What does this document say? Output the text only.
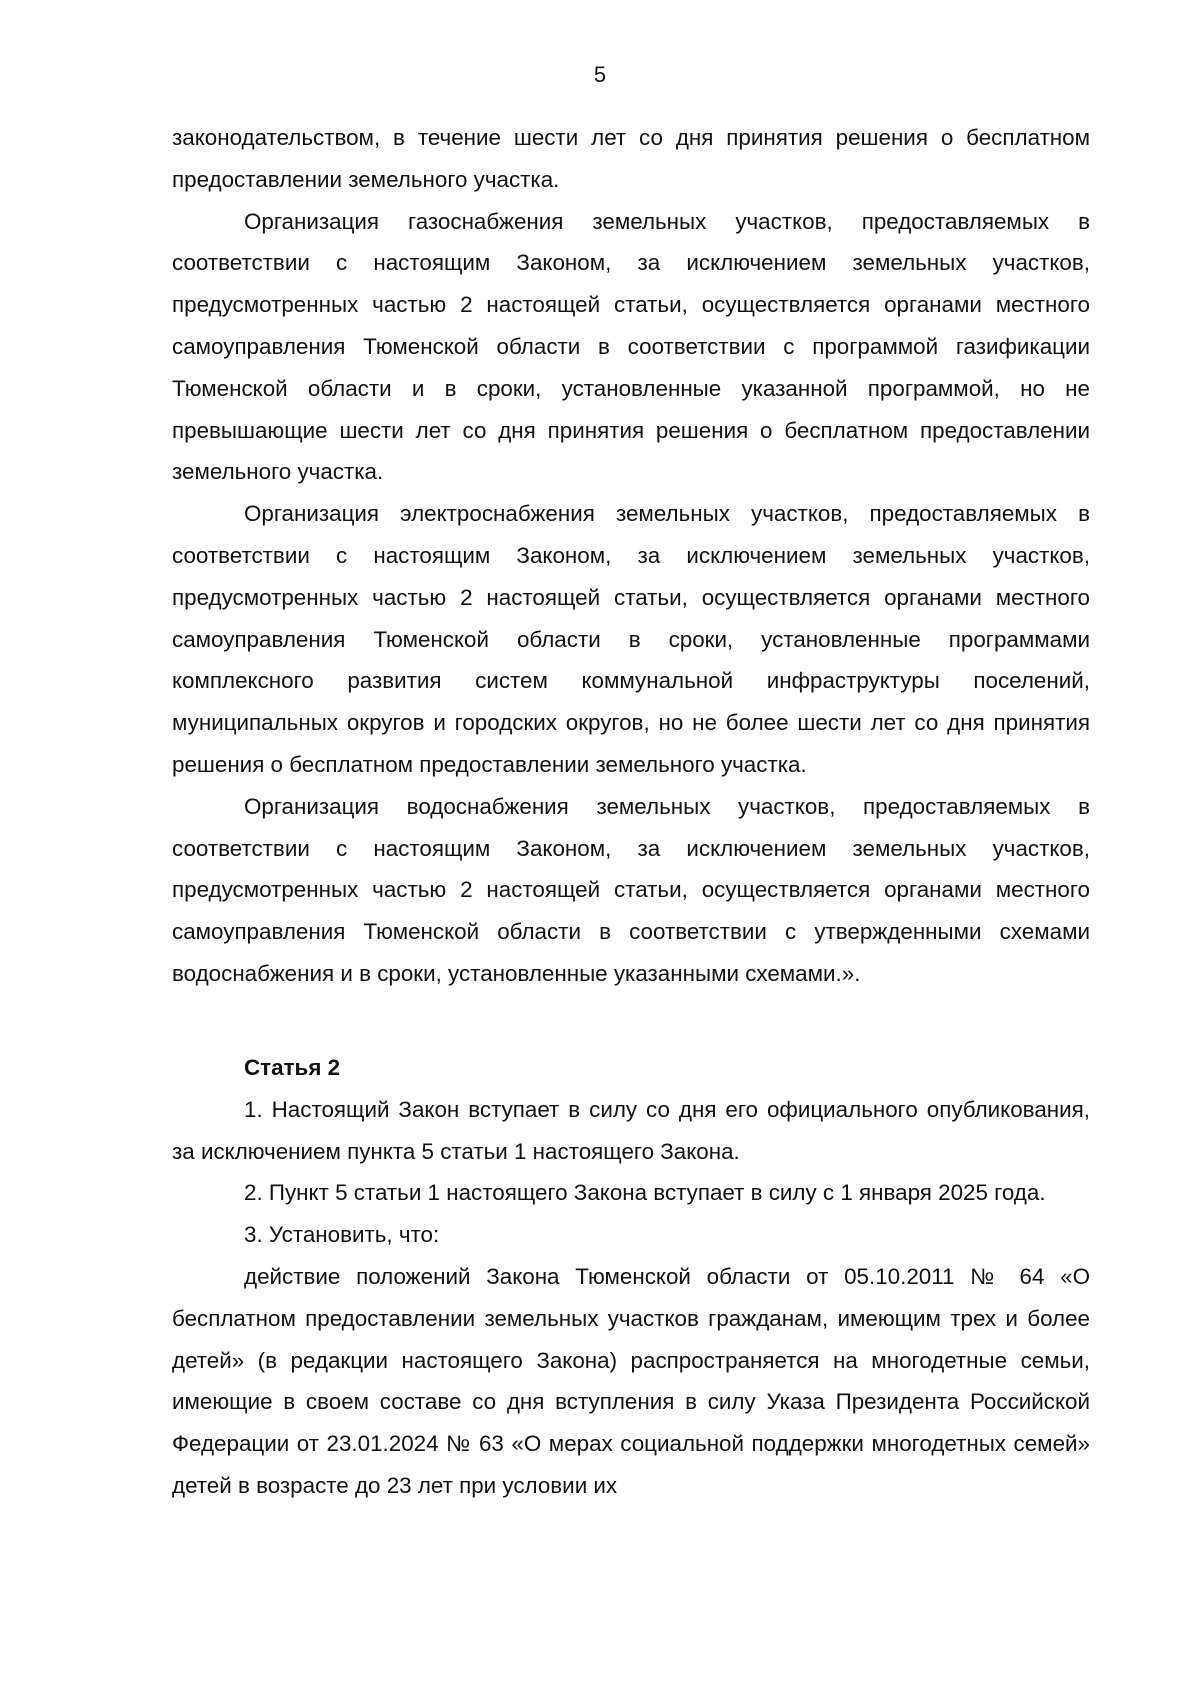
5

законодательством, в течение шести лет со дня принятия решения о бесплатном предоставлении земельного участка.

Организация газоснабжения земельных участков, предоставляемых в соответствии с настоящим Законом, за исключением земельных участков, предусмотренных частью 2 настоящей статьи, осуществляется органами местного самоуправления Тюменской области в соответствии с программой газификации Тюменской области и в сроки, установленные указанной программой, но не превышающие шести лет со дня принятия решения о бесплатном предоставлении земельного участка.

Организация электроснабжения земельных участков, предоставляемых в соответствии с настоящим Законом, за исключением земельных участков, предусмотренных частью 2 настоящей статьи, осуществляется органами местного самоуправления Тюменской области в сроки, установленные программами комплексного развития систем коммунальной инфраструктуры поселений, муниципальных округов и городских округов, но не более шести лет со дня принятия решения о бесплатном предоставлении земельного участка.

Организация водоснабжения земельных участков, предоставляемых в соответствии с настоящим Законом, за исключением земельных участков, предусмотренных частью 2 настоящей статьи, осуществляется органами местного самоуправления Тюменской области в соответствии с утвержденными схемами водоснабжения и в сроки, установленные указанными схемами.».

Статья 2

1. Настоящий Закон вступает в силу со дня его официального опубликования, за исключением пункта 5 статьи 1 настоящего Закона.

2. Пункт 5 статьи 1 настоящего Закона вступает в силу с 1 января 2025 года.

3. Установить, что:

действие положений Закона Тюменской области от 05.10.2011 № 64 «О бесплатном предоставлении земельных участков гражданам, имеющим трех и более детей» (в редакции настоящего Закона) распространяется на многодетные семьи, имеющие в своем составе со дня вступления в силу Указа Президента Российской Федерации от 23.01.2024 № 63 «О мерах социальной поддержки многодетных семей» детей в возрасте до 23 лет при условии их
